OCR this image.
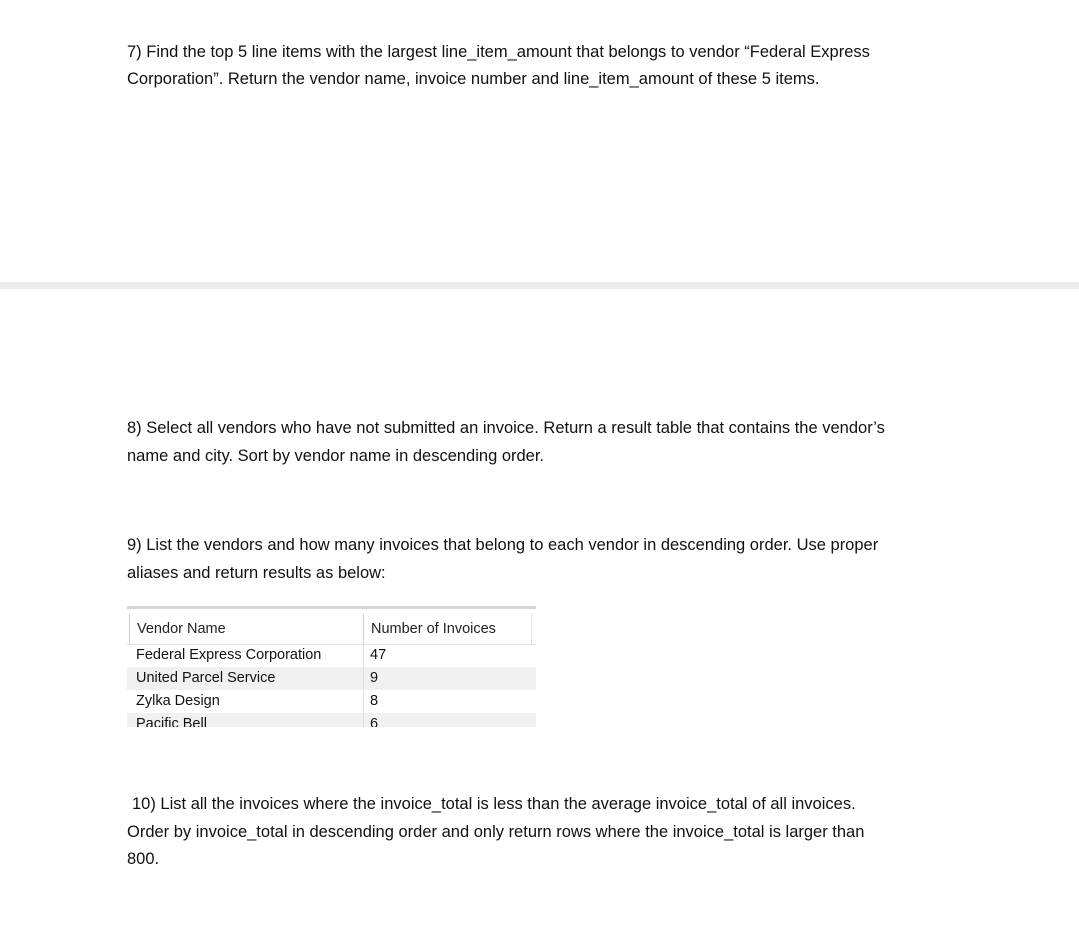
7) Find the top 5 line items with the largest line_item_amount that belongs to vendor “Federal Express

Corporation”. Return the vendor name, invoice number and line_item_amount of these 5 items.

8) Select all vendors who have not submitted an invoice. Return a result table that contains the vendor’s

name and city. Sort by vendor name in descending order.

9) List the vendors and how many invoices that belong to each vendor in descending order. Use proper

aliases and return results as below:

Vendor Name	Number of Invoices
Federal Express Corporation	47
United Parcel Service	9
Zylka Design	8
Pacific Bell	6

10) List all the invoices where the invoice_total is less than the average invoice_total of all invoices.

Order by invoice_total in descending order and only return rows where the invoice_total is larger than

800.
